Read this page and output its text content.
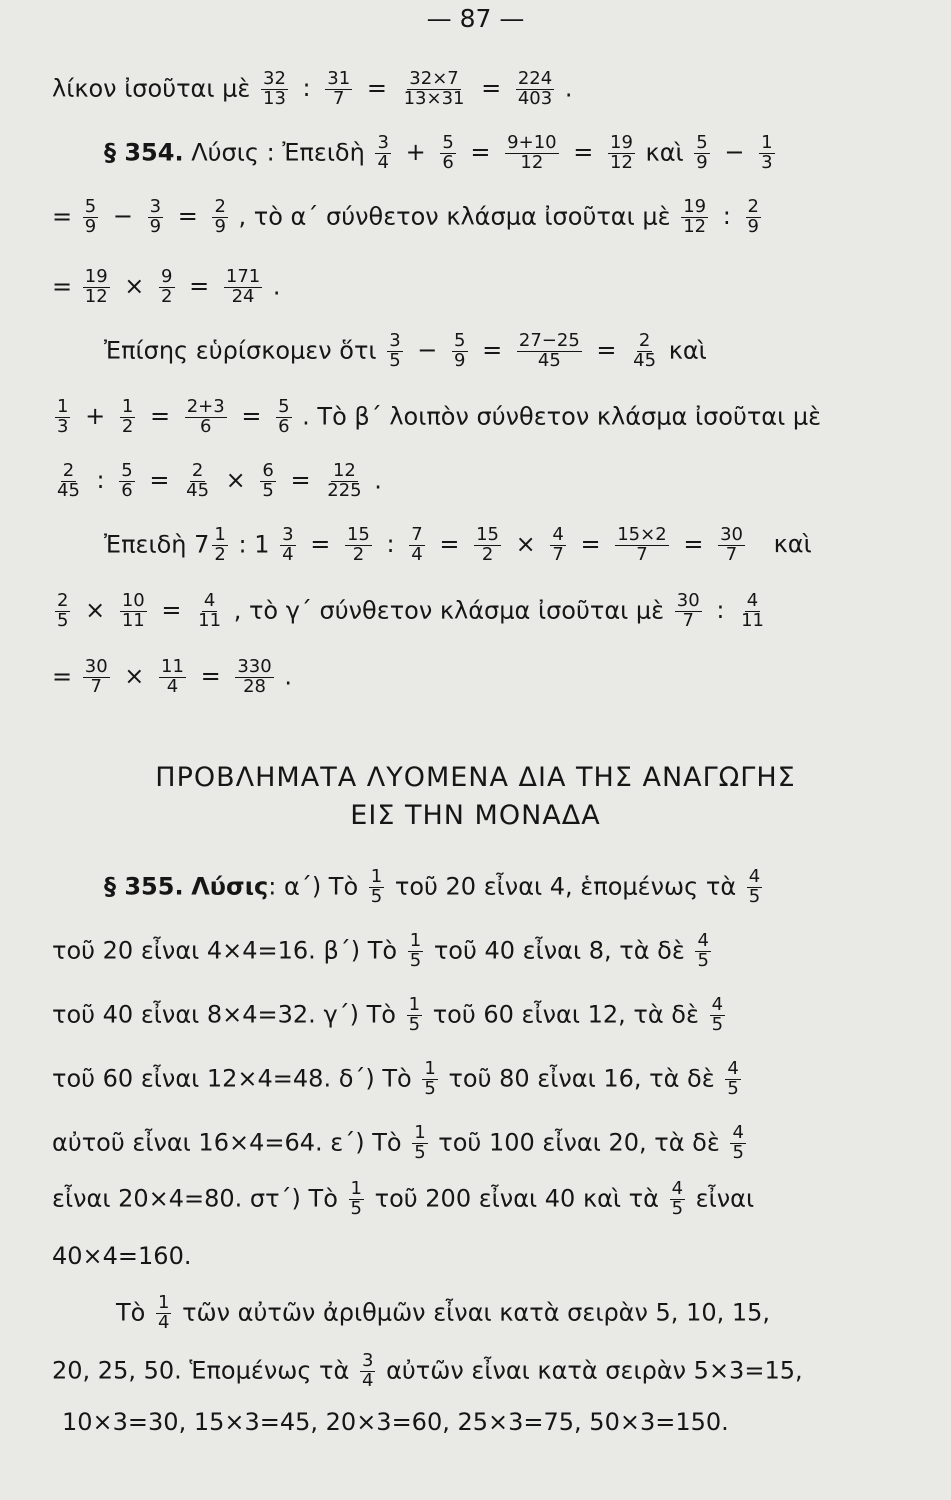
— 87 —
λίκον ἰσοῦται μὲ $\frac{32}{13}$ : $\frac{31}{7} = \frac{32\times 7}{13\times 31} = \frac{224}{403}$ .
§ 354. Λύσις : Ἐπειδὴ $\frac{3}{4} + \frac{5}{6} = \frac{9+10}{12} = \frac{19}{12}$ καὶ $\frac{5}{9} - \frac{1}{3}$
= $\frac{5}{9} - \frac{3}{9} = \frac{2}{9}$ , τὸ α΄ σύνθετον κλάσμα ἰσοῦται μὲ $\frac{19}{12}$ : $\frac{2}{9}$
= $\frac{19}{12} \times \frac{9}{2} = \frac{171}{24}$ .
Ἐπίσης εὑρίσκομεν ὅτι $\frac{3}{5} - \frac{5}{9} = \frac{27-25}{45} = \frac{2}{45}$ καὶ
$\frac{1}{3} + \frac{1}{2} = \frac{2+3}{6} = \frac{5}{6}$ . Τὸ β΄ λοιπὸν σύνθετον κλάσμα ἰσοῦται μὲ
$\frac{2}{45}$ : $\frac{5}{6} = \frac{2}{45} \times \frac{6}{5} = \frac{12}{225}$ .
Ἐπειδὴ $7 \frac{1}{2}$ : $1 \frac{3}{4} = \frac{15}{2}$ : $\frac{7}{4} = \frac{15}{2} \times \frac{4}{7} = \frac{15\times 2}{7} = \frac{30}{7}$ καὶ
$\frac{2}{5} \times \frac{10}{11} = \frac{4}{11}$ , τὸ γ΄ σύνθετον κλάσμα ἰσοῦται μὲ $\frac{30}{7}$ : $\frac{4}{11}$
= $\frac{30}{7} \times \frac{11}{4} = \frac{330}{28}$ .
ΠΡΟΒΛΗΜΑΤΑ ΛΥΟΜΕΝΑ ΔΙΑ ΤΗΣ ΑΝΑΓΩΓΗΣ
ΕΙΣ ΤΗΝ ΜΟΝΑΔΑ
§ 355. Λύσις: α΄) Τὸ $\frac{1}{5}$ τοῦ 20 εἶναι 4, ἑπομένως τὰ $\frac{4}{5}$
τοῦ 20 εἶναι 4×4=16. β΄) Τὸ $\frac{1}{5}$ τοῦ 40 εἶναι 8, τὰ δὲ $\frac{4}{5}$
τοῦ 40 εἶναι 8×4=32. γ΄) Τὸ $\frac{1}{5}$ τοῦ 60 εἶναι 12, τὰ δὲ $\frac{4}{5}$
τοῦ 60 εἶναι 12×4=48. δ΄) Τὸ $\frac{1}{5}$ τοῦ 80 εἶναι 16, τὰ δὲ $\frac{4}{5}$
αὐτοῦ εἶναι 16×4=64. ε΄) Τὸ $\frac{1}{5}$ τοῦ 100 εἶναι 20, τὰ δὲ $\frac{4}{5}$
εἶναι 20×4=80. στ΄) Τὸ $\frac{1}{5}$ τοῦ 200 εἶναι 40 καὶ τὰ $\frac{4}{5}$ εἶναι
40×4=160.
Τὸ $\frac{1}{4}$ τῶν αὐτῶν ἀριθμῶν εἶναι κατὰ σειρὰν 5, 10, 15,
20, 25, 50. Ἑπομένως τὰ $\frac{3}{4}$ αὐτῶν εἶναι κατὰ σειρὰν 5×3=15,
10×3=30, 15×3=45, 20×3=60, 25×3=75, 50×3=150.
